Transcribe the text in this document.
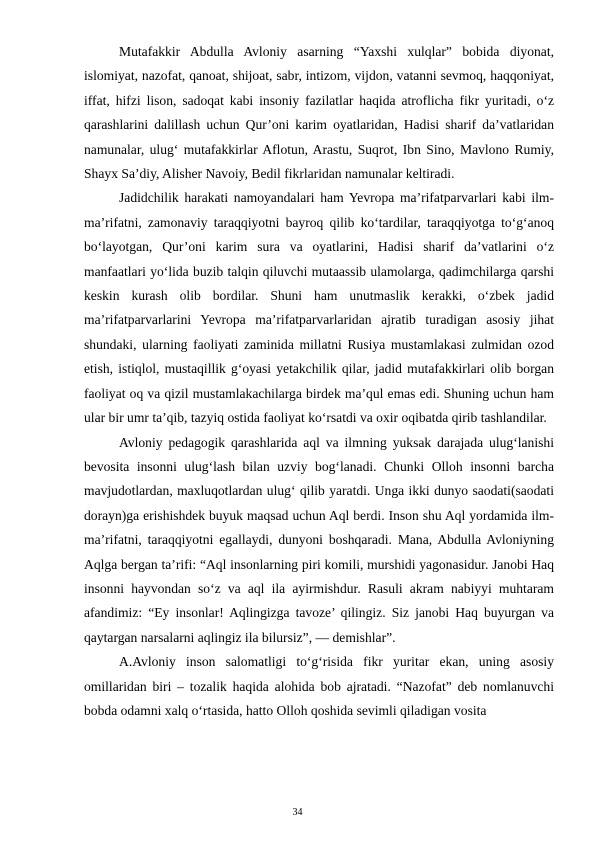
Mutafakkir Abdulla Avloniy asarning “Yaxshi xulqlar” bobida diyonat, islomiyat, nazofat, qanoat, shijoat, sabr, intizom, vijdon, vatanni sevmoq, haqqoniyat, iffat, hifzi lison, sadoqat kabi insoniy fazilatlar haqida atroflicha fikr yuritadi, o‘z qarashlarini dalillash uchun Qur’oni karim oyatlaridan, Hadisi sharif da’vatlaridan namunalar, ulug‘ mutafakkirlar Aflotun, Arastu, Suqrot, Ibn Sino, Mavlono Rumiy, Shayx Sa’diy, Alisher Navoiy, Bedil fikrlaridan namunalar keltiradi.

Jadidchilik harakati namoyandalari ham Yevropa ma’rifatparvarlari kabi ilm-ma’rifatni, zamonaviy taraqqiyotni bayroq qilib ko‘tardilar, taraqqiyotga to‘g‘anoq bo‘layotgan, Qur’oni karim sura va oyatlarini, Hadisi sharif da’vatlarini o‘z manfaatlari yo‘lida buzib talqin qiluvchi mutaassib ulamolarga, qadimchilarga qarshi keskin kurash olib bordilar. Shuni ham unutmaslik kerakki, o‘zbek jadid ma’rifatparvarlarini Yevropa ma’rifatparvarlaridan ajratib turadigan asosiy jihat shundaki, ularning faoliyati zaminida millatni Rusiya mustamlakasi zulmidan ozod etish, istiqlol, mustaqillik g‘oyasi yetakchilik qilar, jadid mutafakkirlari olib borgan faoliyat oq va qizil mustamlakachilarga birdek ma’qul emas edi. Shuning uchun ham ular bir umr ta’qib, tazyiq ostida faoliyat ko‘rsatdi va oxir oqibatda qirib tashlandilar.

Avloniy pedagogik qarashlarida aql va ilmning yuksak darajada ulug‘lanishi bevosita insonni ulug‘lash bilan uzviy bog‘lanadi. Chunki Olloh insonni barcha mavjudotlardan, maxluqotlardan ulug‘ qilib yaratdi. Unga ikki dunyo saodati(saodati dorayn)ga erishishdek buyuk maqsad uchun Aql berdi. Inson shu Aql yordamida ilm-ma’rifatni, taraqqiyotni egallaydi, dunyoni boshqaradi. Mana, Abdulla Avloniyning Aqlga bergan ta’rifi: “Aql insonlarning piri komili, murshidi yagonasidur. Janobi Haq insonni hayvondan so‘z va aql ila ayirmishdur. Rasuli akram nabiyyi muhtaram afandimiz: “Ey insonlar! Aqlingizga tavoze’ qilingiz. Siz janobi Haq buyurgan va qaytargan narsalarni aqlingiz ila bilursiz”, — demishlar”.

A.Avloniy inson salomatligi to‘g‘risida fikr yuritar ekan, uning asosiy omillaridan biri – tozalik haqida alohida bob ajratadi. “Nazofat” deb nomlanuvchi bobda odamni xalq o‘rtasida, hatto Olloh qoshida sevimli qiladigan vosita

34
